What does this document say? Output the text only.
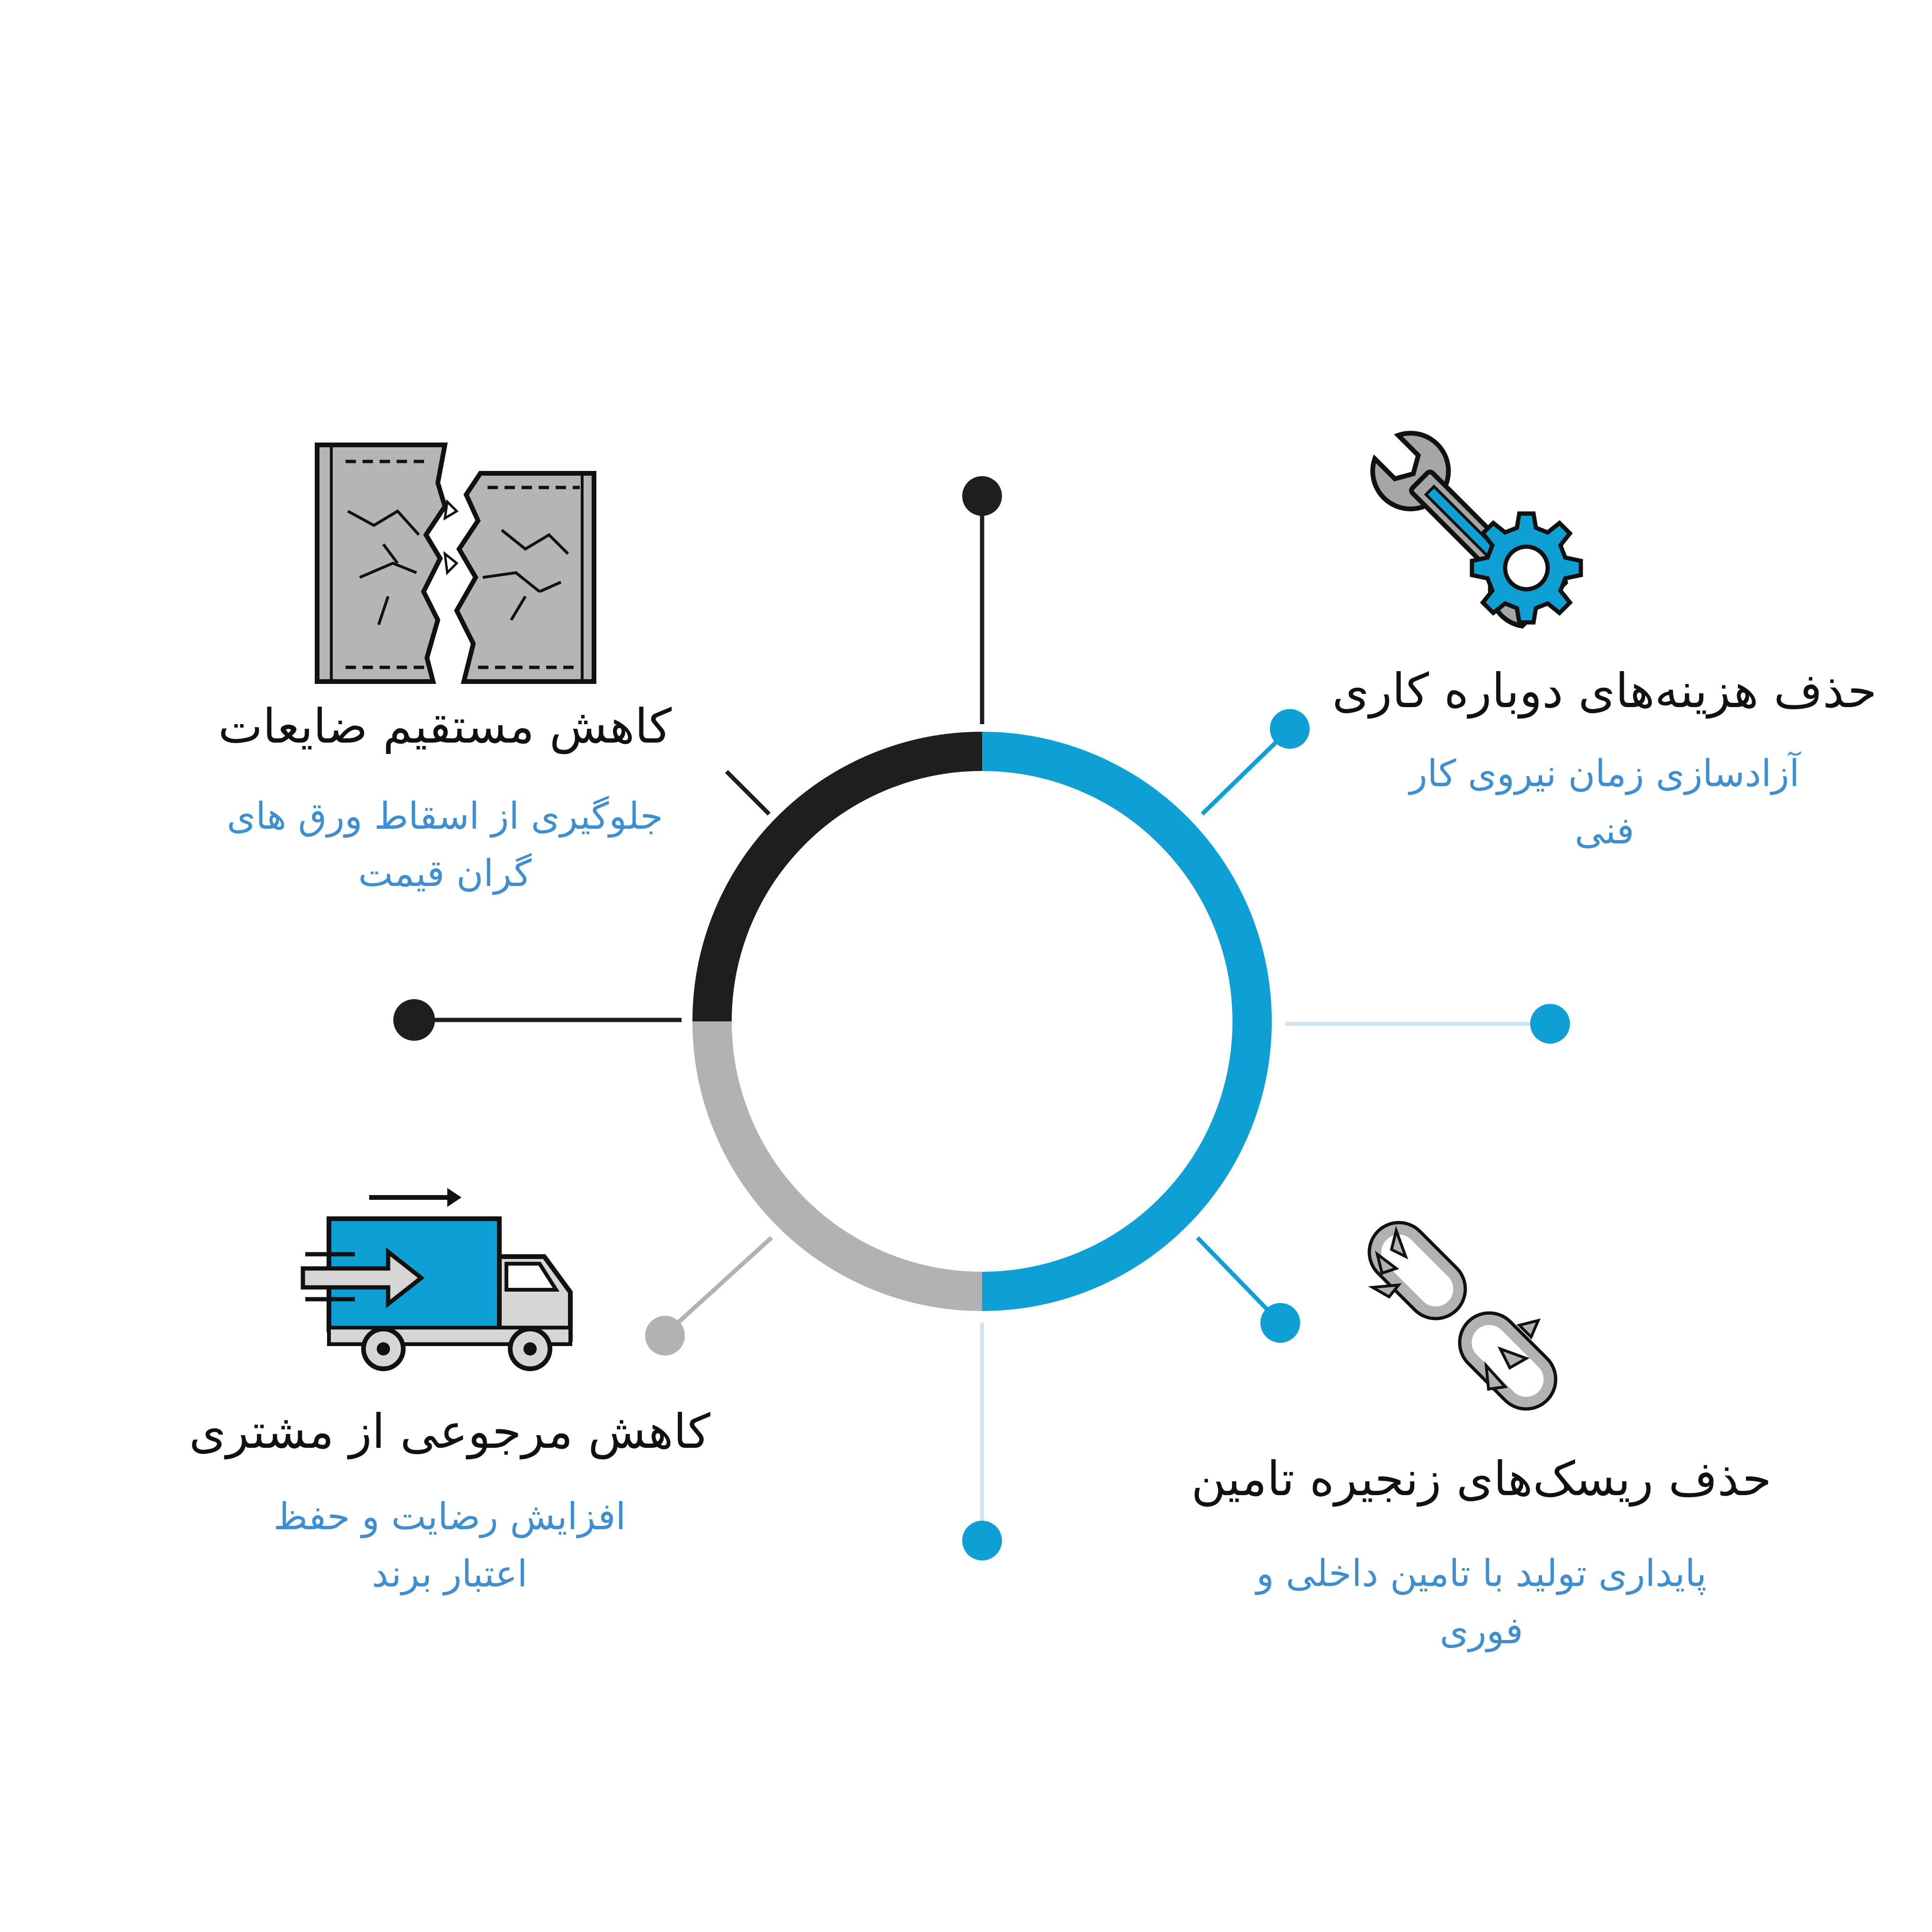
کاهش مستقیم ضایعات
جلوگیری از اسقاط ورق های گران قیمت
حذف هزینه‌های دوباره کاری
آزادسازی زمان نیروی کار فنی
کاهش مرجوعی از مشتری
افزایش رضایت و حفظ اعتبار برند
حذف ریسک‌های زنجیره تامین
پایداری تولید با تامین داخلی و فوری
